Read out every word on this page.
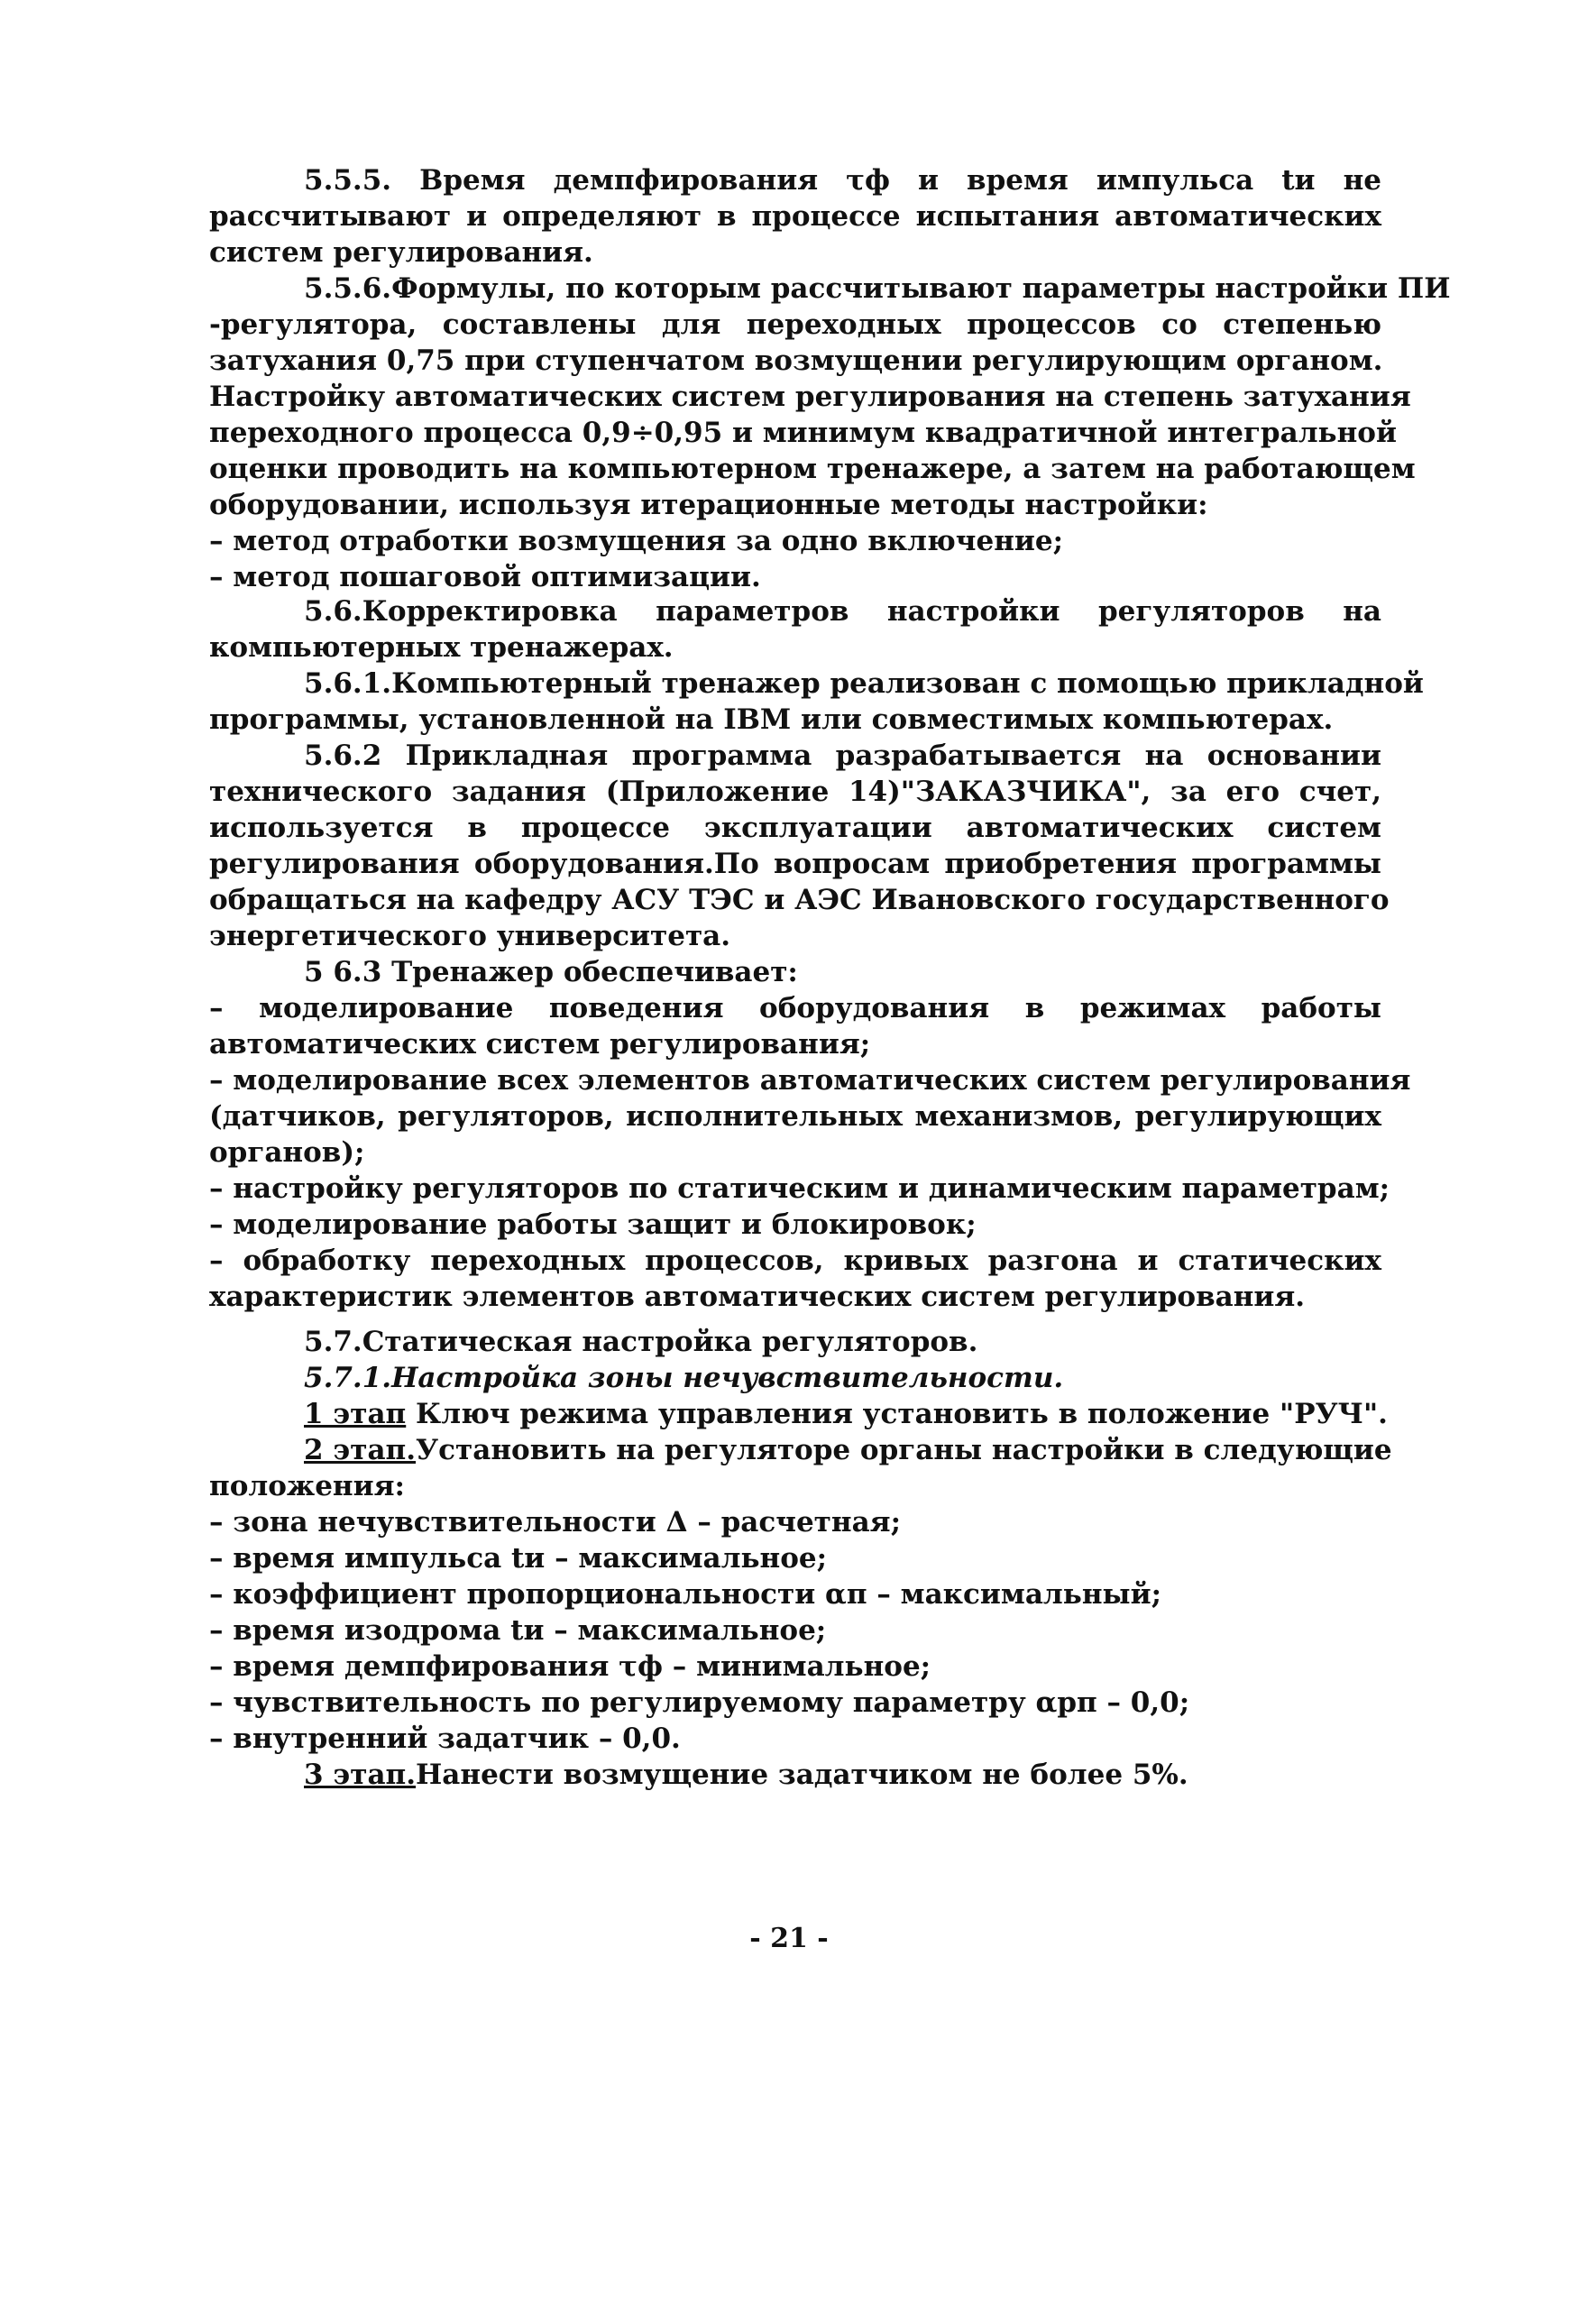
5.5.5. Время демпфирования τф и время импульса tи не
рассчитывают и определяют в процессе испытания автоматических
систем регулирования.
5.5.6.Формулы, по которым рассчитывают параметры настройки ПИ
-регулятора, составлены для переходных процессов со степенью
затухания 0,75 при ступенчатом возмущении регулирующим органом.
Настройку автоматических систем регулирования на степень затухания
переходного процесса 0,9÷0,95 и минимум квадратичной интегральной
оценки проводить на компьютерном тренажере, а затем на работающем
оборудовании, используя итерационные методы настройки:
– метод отработки возмущения за одно включение;
– метод пошаговой оптимизации.
5.6.Корректировка параметров настройки регуляторов на
компьютерных тренажерах.
5.6.1.Компьютерный тренажер реализован с помощью прикладной
программы, установленной на IBM или совместимых компьютерах.
5.6.2 Прикладная программа разрабатывается на основании
технического задания (Приложение 14)"ЗАКАЗЧИКА", за его счет,
используется в процессе эксплуатации автоматических систем
регулирования оборудования.По вопросам приобретения программы
обращаться на кафедру АСУ ТЭС и АЭС Ивановского государственного
энергетического университета.
5 6.3 Тренажер обеспечивает:
– моделирование поведения оборудования в режимах работы
автоматических систем регулирования;
– моделирование всех элементов автоматических систем регулирования
(датчиков, регуляторов, исполнительных механизмов, регулирующих
органов);
– настройку регуляторов по статическим и динамическим параметрам;
– моделирование работы защит и блокировок;
– обработку переходных процессов, кривых разгона и статических
характеристик элементов автоматических систем регулирования.
5.7.Статическая настройка регуляторов.
5.7.1.Настройка зоны нечувствительности.
1 этап Ключ режима управления установить в положение "РУЧ".
2 этап.Установить на регуляторе органы настройки в следующие
положения:
– зона нечувствительности Δ – расчетная;
– время импульса tи – максимальное;
– коэффициент пропорциональности αп – максимальный;
– время изодрома tи – максимальное;
– время демпфирования τф – минимальное;
– чувствительность по регулируемому параметру αрп – 0,0;
– внутренний задатчик – 0,0.
3 этап.Нанести возмущение задатчиком не более 5%.
- 21 -
